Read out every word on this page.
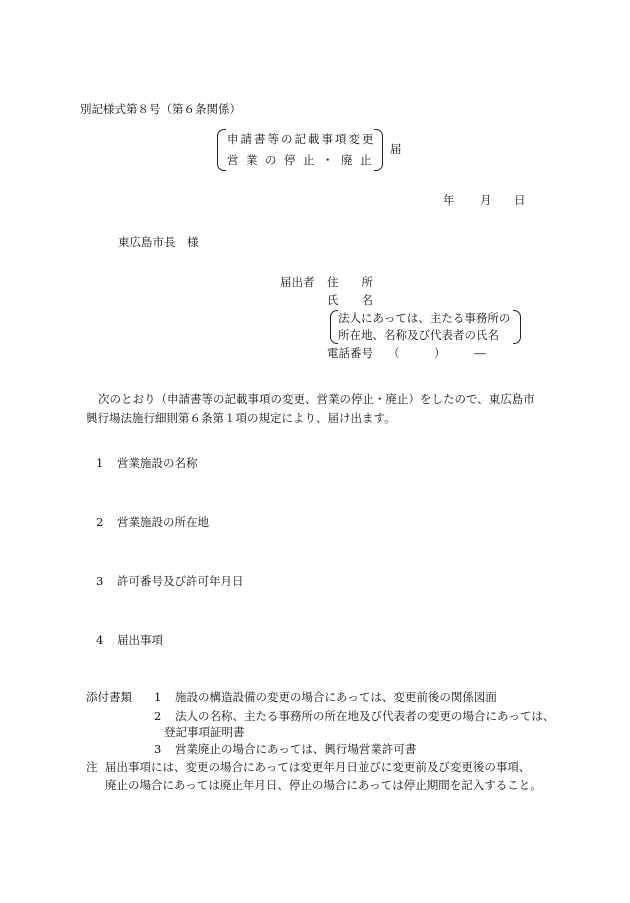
別記様式第８号（第６条関係）
申請書等の記載事項変更
営業の停止・廃止
届
年 月 日
東広島市長　様
届出者 住　　所
氏　　名
法人にあっては、主たる事務所の
所在地、名称及び代表者の氏名
電話番号 （　　　）　　　―
次のとおり（申請書等の記載事項の変更、営業の停止・廃止）をしたので、東広島市
興行場法施行細則第６条第１項の規定により、届け出ます。
1 営業施設の名称
2 営業施設の所在地
3 許可番号及び許可年月日
4 届出事項
添付書類 1 施設の構造設備の変更の場合にあっては、変更前後の関係図面
2 法人の名称、主たる事務所の所在地及び代表者の変更の場合にあっては、
登記事項証明書
3 営業廃止の場合にあっては、興行場営業許可書
注 届出事項には、変更の場合にあっては変更年月日並びに変更前及び変更後の事項、
廃止の場合にあっては廃止年月日、停止の場合にあっては停止期間を記入すること。
